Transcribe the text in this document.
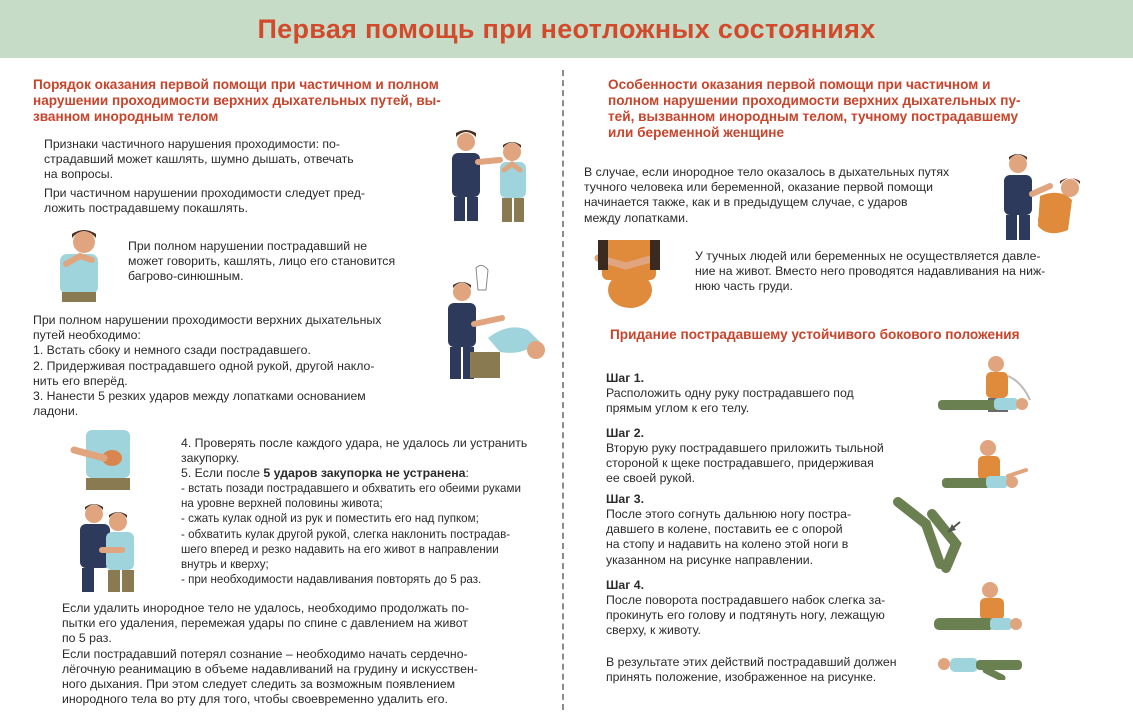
Первая помощь при неотложных состояниях

Порядок оказания первой помощи при частичном и полном
нарушении проходимости верхних дыхательных путей, вы-
званном инородным телом

Признаки частичного нарушения проходимости: по-
страдавший может кашлять, шумно дышать, отвечать
на вопросы.

При частичном нарушении проходимости следует пред-
ложить пострадавшему покашлять.

При полном нарушении пострадавший не
может говорить, кашлять, лицо его становится
багрово-синюшным.

При полном нарушении проходимости верхних дыхательных
путей необходимо:
1. Встать сбоку и немного сзади пострадавшего.
2. Придерживая пострадавшего одной рукой, другой накло-
нить его вперёд.
3. Нанести 5 резких ударов между лопатками основанием
ладони.

4. Проверять после каждого удара, не удалось ли устранить
закупорку.

5. Если после 5 ударов закупорка не устранена:

- встать позади пострадавшего и обхватить его обеими руками
на уровне верхней половины живота;
- сжать кулак одной из рук и поместить его над пупком;
- обхватить кулак другой рукой, слегка наклонить пострадав-
шего вперед и резко надавить на его живот в направлении
внутрь и кверху;
- при необходимости надавливания повторять до 5 раз.

Если удалить инородное тело не удалось, необходимо продолжать по-
пытки его удаления, перемежая удары по спине с давлением на живот
по 5 раз.
Если пострадавший потерял сознание – необходимо начать сердечно-
лёгочную реанимацию в объеме надавливаний на грудину и искусствен-
ного дыхания. При этом следует следить за возможным появлением
инородного тела во рту для того, чтобы своевременно удалить его.

Особенности оказания первой помощи при частичном и
полном нарушении проходимости верхних дыхательных пу-
тей, вызванном инородным телом, тучному пострадавшему
или беременной женщине

В случае, если инородное тело оказалось в дыхательных путях
тучного человека или беременной, оказание первой помощи
начинается также, как и в предыдущем случае, с ударов
между лопатками.

У тучных людей или беременных не осуществляется давле-
ние на живот. Вместо него проводятся надавливания на ниж-
нюю часть груди.

Придание пострадавшему устойчивого бокового положения

Шаг 1.

Расположить одну руку пострадавшего под
прямым углом к его телу.

Шаг 2.

Вторую руку пострадавшего приложить тыльной
стороной к щеке пострадавшего, придерживая
ее своей рукой.

Шаг 3.

После этого согнуть дальнюю ногу постра-
давшего в колене, поставить ее с опорой
на стопу и надавить на колено этой ноги в
указанном на рисунке направлении.

Шаг 4.

После поворота пострадавшего набок слегка за-
прокинуть его голову и подтянуть ногу, лежащую
сверху, к животу.

В результате этих действий пострадавший должен
принять положение, изображенное на рисунке.
